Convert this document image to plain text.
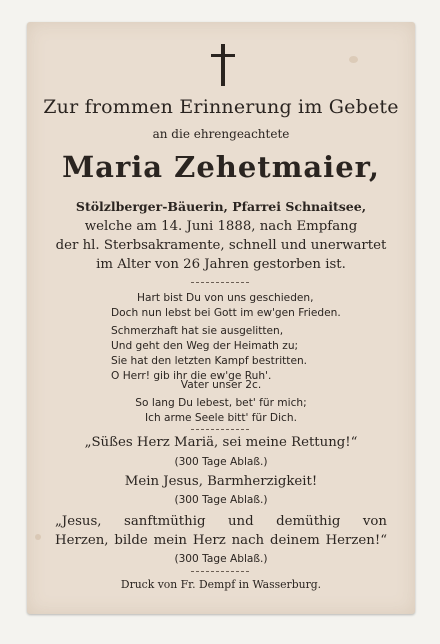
Zur frommen Erinnerung im Gebete
an die ehrengeachtete
Maria Zehetmaier,
Stölzlberger-Bäuerin, Pfarrei Schnaitsee,
welche am 14. Juni 1888, nach Empfang
der hl. Sterbsakramente, schnell und unerwartet
im Alter von 26 Jahren gestorben ist.
Hart bist Du von uns geschieden,
Doch nun lebst bei Gott im ew'gen Frieden.
Schmerzhaft hat sie ausgelitten,
Und geht den Weg der Heimath zu;
Sie hat den letzten Kampf bestritten.
O Herr! gib ihr die ew'ge Ruh'.
Vater unser 2c.
So lang Du lebest, bet' für mich;
Ich arme Seele bitt' für Dich.
„Süßes Herz Mariä, sei meine Rettung!“
(300 Tage Ablaß.)
Mein Jesus, Barmherzigkeit!
(300 Tage Ablaß.)
„Jesus, sanftmüthig und demüthig von
Herzen, bilde mein Herz nach deinem Herzen!“
(300 Tage Ablaß.)
Druck von Fr. Dempf in Wasserburg.
